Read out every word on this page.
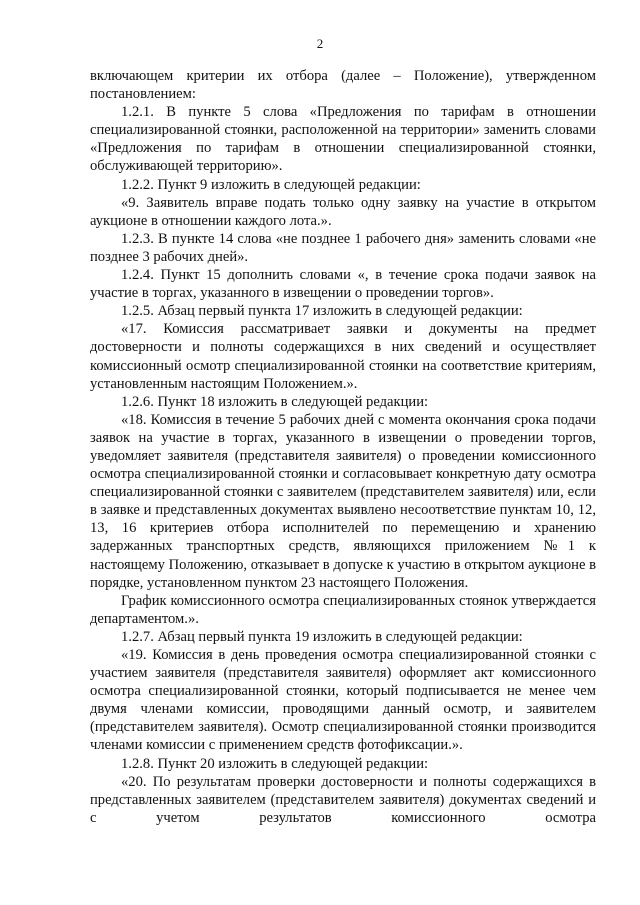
2

включающем критерии их отбора (далее – Положение), утвержденном постановлением:

1.2.1. В пункте 5 слова «Предложения по тарифам в отношении специализированной стоянки, расположенной на территории» заменить словами «Предложения по тарифам в отношении специализированной стоянки, обслуживающей территорию».

1.2.2. Пункт 9 изложить в следующей редакции:

«9. Заявитель вправе подать только одну заявку на участие в открытом аукционе в отношении каждого лота.».

1.2.3. В пункте 14 слова «не позднее 1 рабочего дня» заменить словами «не позднее 3 рабочих дней».

1.2.4. Пункт 15 дополнить словами «, в течение срока подачи заявок на участие в торгах, указанного в извещении о проведении торгов».

1.2.5. Абзац первый пункта 17 изложить в следующей редакции:

«17. Комиссия рассматривает заявки и документы на предмет достоверности и полноты содержащихся в них сведений и осуществляет комиссионный осмотр специализированной стоянки на соответствие критериям, установленным настоящим Положением.».

1.2.6. Пункт 18 изложить в следующей редакции:

«18. Комиссия в течение 5 рабочих дней с момента окончания срока подачи заявок на участие в торгах, указанного в извещении о проведении торгов, уведомляет заявителя (представителя заявителя) о проведении комиссионного осмотра специализированной стоянки и согласовывает конкретную дату осмотра специализированной стоянки с заявителем (представителем заявителя) или, если в заявке и представленных документах выявлено несоответствие пунктам 10, 12, 13, 16 критериев отбора исполнителей по перемещению и хранению задержанных транспортных средств, являющихся приложением №1 к настоящему Положению, отказывает в допуске к участию в открытом аукционе в порядке, установленном пунктом 23 настоящего Положения.

График комиссионного осмотра специализированных стоянок утверждается департаментом.».

1.2.7. Абзац первый пункта 19 изложить в следующей редакции:

«19. Комиссия в день проведения осмотра специализированной стоянки с участием заявителя (представителя заявителя) оформляет акт комиссионного осмотра специализированной стоянки, который подписывается не менее чем двумя членами комиссии, проводящими данный осмотр, и заявителем (представителем заявителя). Осмотр специализированной стоянки производится членами комиссии с применением средств фотофиксации.».

1.2.8. Пункт 20 изложить в следующей редакции:

«20. По результатам проверки достоверности и полноты содержащихся в представленных заявителем (представителем заявителя) документах сведений и с учетом результатов комиссионного осмотра
